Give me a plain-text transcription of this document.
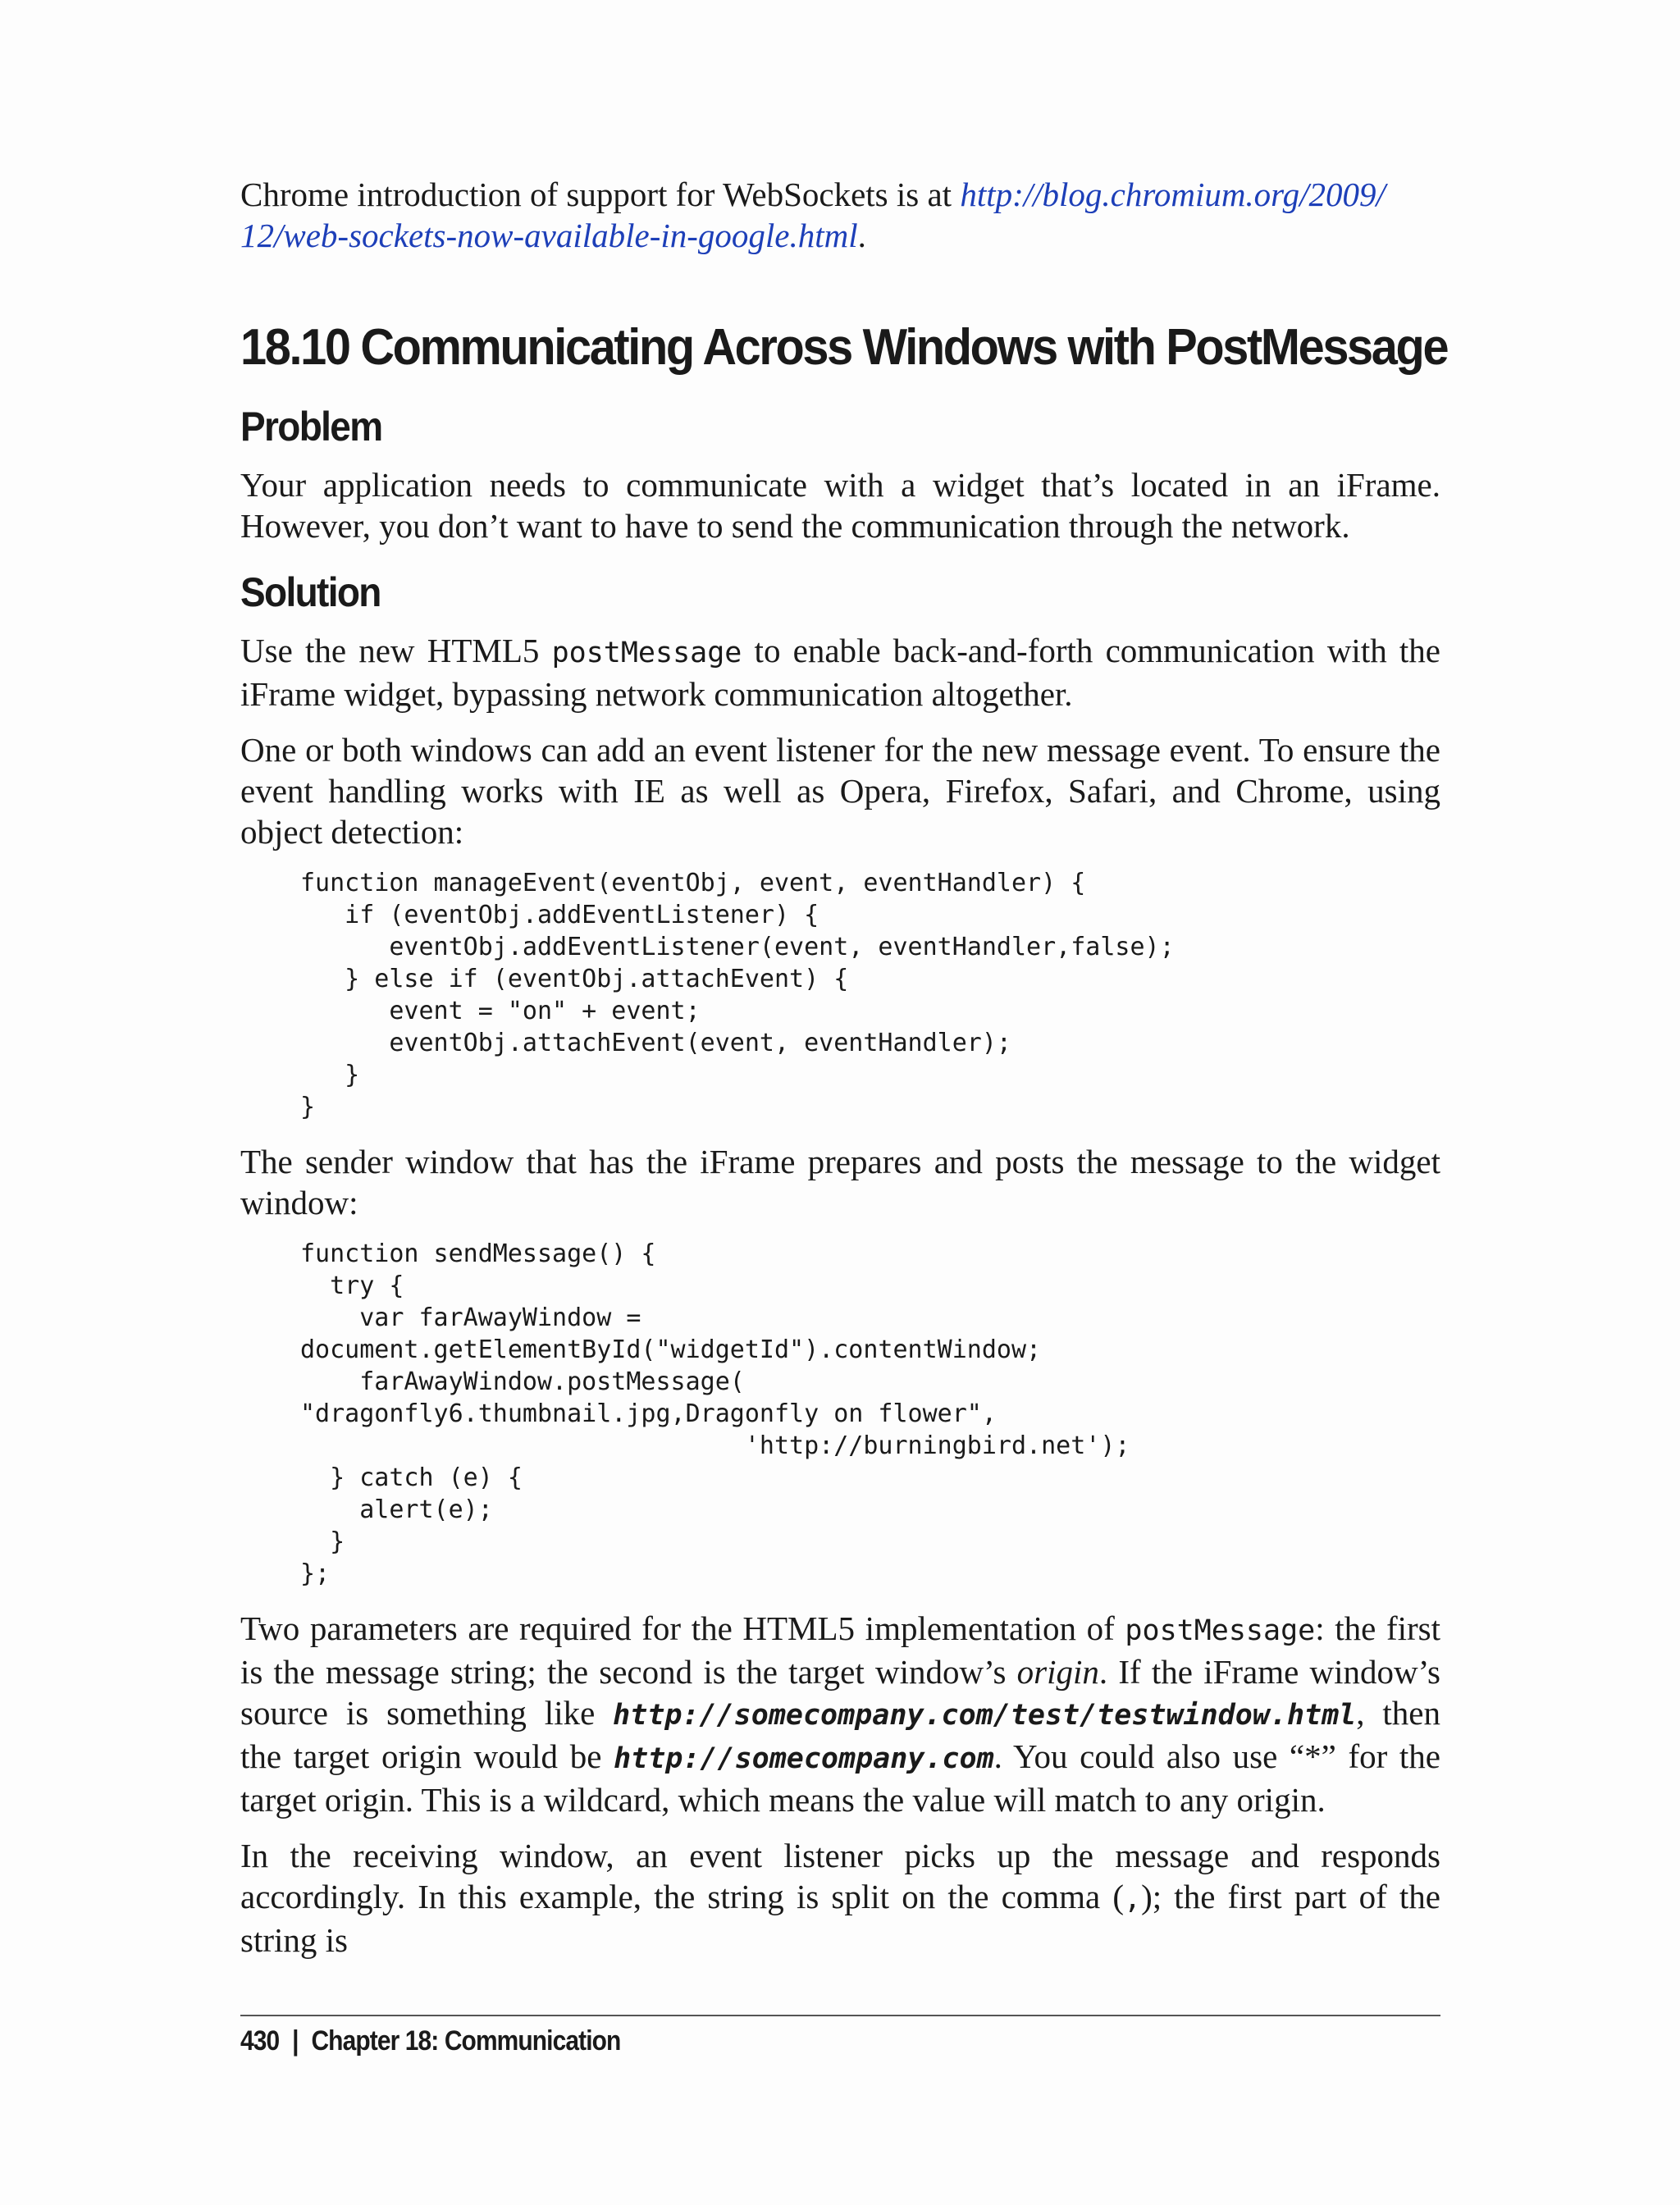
Chrome introduction of support for WebSockets is at http://blog.chromium.org/2009/
12/web-sockets-now-available-in-google.html.

18.10 Communicating Across Windows with PostMessage
Problem

Your application needs to communicate with a widget that’s located in an iFrame. However, you don’t want to have to send the communication through the network.

Solution

Use the new HTML5 postMessage to enable back-and-forth communication with the iFrame widget, bypassing network communication altogether.

One or both windows can add an event listener for the new message event. To ensure the event handling works with IE as well as Opera, Firefox, Safari, and Chrome, using object detection:

function manageEvent(eventObj, event, eventHandler) {
if (eventObj.addEventListener) {
eventObj.addEventListener(event, eventHandler,false);
} else if (eventObj.attachEvent) {
event = "on" + event;
eventObj.attachEvent(event, eventHandler);
}
}

The sender window that has the iFrame prepares and posts the message to the widget window:

function sendMessage() {
try {
var farAwayWindow =
document.getElementById("widgetId").contentWindow;
farAwayWindow.postMessage(
"dragonfly6.thumbnail.jpg,Dragonfly on flower",
'http://burningbird.net');
} catch (e) {
alert(e);
}
};

Two parameters are required for the HTML5 implementation of postMessage: the first is the message string; the second is the target window’s origin. If the iFrame window’s source is something like http://somecompany.com/test/testwindow.html, then the target origin would be http://somecompany.com. You could also use “*” for the target origin. This is a wildcard, which means the value will match to any origin.

In the receiving window, an event listener picks up the message and responds accordingly. In this example, the string is split on the comma (,); the first part of the string is

430 | Chapter 18: Communication
